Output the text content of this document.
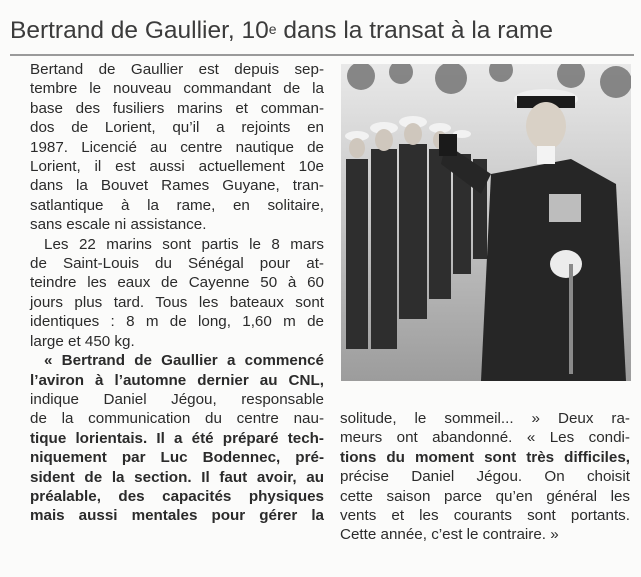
Bertrand de Gaullier, 10e dans la transat à la rame

Bertand de Gaullier est depuis sep-
tembre le nouveau commandant de la
base des fusiliers marins et comman-
dos de Lorient, qu’il a rejoints en
1987. Licencié au centre nautique de
Lorient, il est aussi actuellement 10e
dans la Bouvet Rames Guyane, tran-
satlantique à la rame, en solitaire,
sans escale ni assistance.

Les 22 marins sont partis le 8 mars
de Saint-Louis du Sénégal pour at-
teindre les eaux de Cayenne 50 à 60
jours plus tard. Tous les bateaux sont
identiques : 8 m de long, 1,60 m de
large et 450 kg.

« Bertrand de Gaullier a commencé
l’aviron à l’automne dernier au CNL,
indique Daniel Jégou, responsable
de la communication du centre nau-
tique lorientais. Il a été préparé tech-
niquement par Luc Bodennec, pré-
sident de la section. Il faut avoir, au
préalable, des capacités physiques
mais aussi mentales pour gérer la

solitude, le sommeil... » Deux ra-
meurs ont abandonné. « Les condi-
tions du moment sont très difficiles,
précise Daniel Jégou. On choisit
cette saison parce qu’en général les
vents et les courants sont portants.
Cette année, c’est le contraire. »
